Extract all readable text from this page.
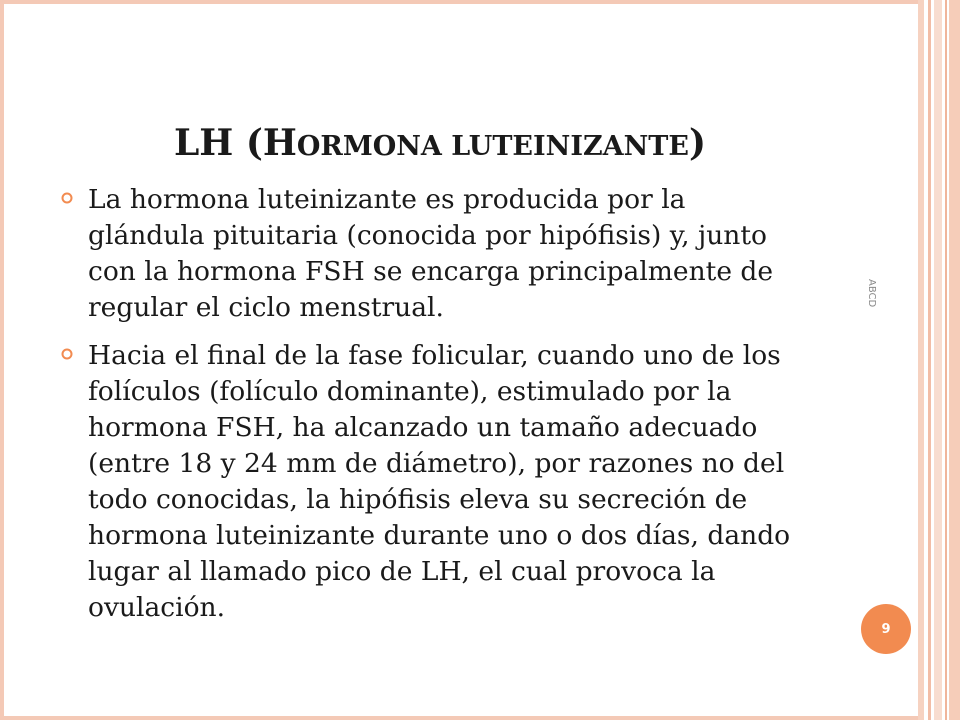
LH (HORMONA LUTEINIZANTE)
La hormona luteinizante es producida por la glándula pituitaria (conocida por hipófisis) y, junto con la hormona FSH se encarga principalmente de regular el ciclo menstrual.
Hacia el final de la fase folicular, cuando uno de los folículos (folículo dominante), estimulado por la hormona FSH, ha alcanzado un tamaño adecuado (entre 18 y 24 mm de diámetro), por razones no del todo conocidas, la hipófisis eleva su secreción de hormona luteinizante durante uno o dos días, dando lugar al llamado pico de LH, el cual provoca la ovulación.
ABCD
9
